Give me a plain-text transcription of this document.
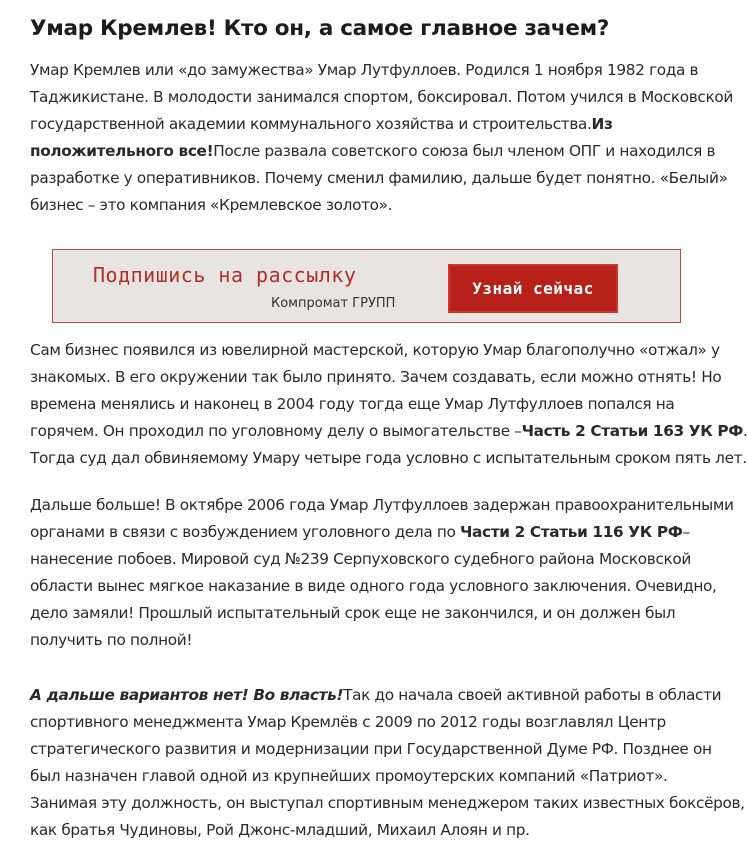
Умар Кремлев! Кто он, а самое главное зачем?

Умар Кремлев или «до замужества» Умар Лутфуллоев. Родился 1 ноября 1982 года в
Таджикистане. В молодости занимался спортом, боксировал. Потом учился в Московской
государственной академии коммунального хозяйства и строительства.Из
положительного все!После развала советского союза был членом ОПГ и находился в
разработке у оперативников. Почему сменил фамилию, дальше будет понятно. «Белый»
бизнес – это компания «Кремлевское золото».

Подпишись на рассылку
Компромат ГРУПП
Узнай сейчас

Сам бизнес появился из ювелирной мастерской, которую Умар благополучно «отжал» у
знакомых. В его окружении так было принято. Зачем создавать, если можно отнять! Но
времена менялись и наконец в 2004 году тогда еще Умар Лутфуллоев попался на
горячем. Он проходил по уголовному делу о вымогательстве –Часть 2 Статьи 163 УК РФ.
Тогда суд дал обвиняемому Умару четыре года условно с испытательным сроком пять лет.

Дальше больше! В октябре 2006 года Умар Лутфуллоев задержан правоохранительными
органами в связи с возбуждением уголовного дела по Части 2 Статьи 116 УК РФ–
нанесение побоев. Мировой суд №239 Серпуховского судебного района Московской
области вынес мягкое наказание в виде одного года условного заключения. Очевидно,
дело замяли! Прошлый испытательный срок еще не закончился, и он должен был
получить по полной!

А дальше вариантов нет! Во власть!Так до начала своей активной работы в области
спортивного менеджмента Умар Кремлёв с 2009 по 2012 годы возглавлял Центр
стратегического развития и модернизации при Государственной Думе РФ. Позднее он
был назначен главой одной из крупнейших промоутерских компаний «Патриот».
Занимая эту должность, он выступал спортивным менеджером таких известных боксёров,
как братья Чудиновы, Рой Джонс-младший, Михаил Алоян и пр.
